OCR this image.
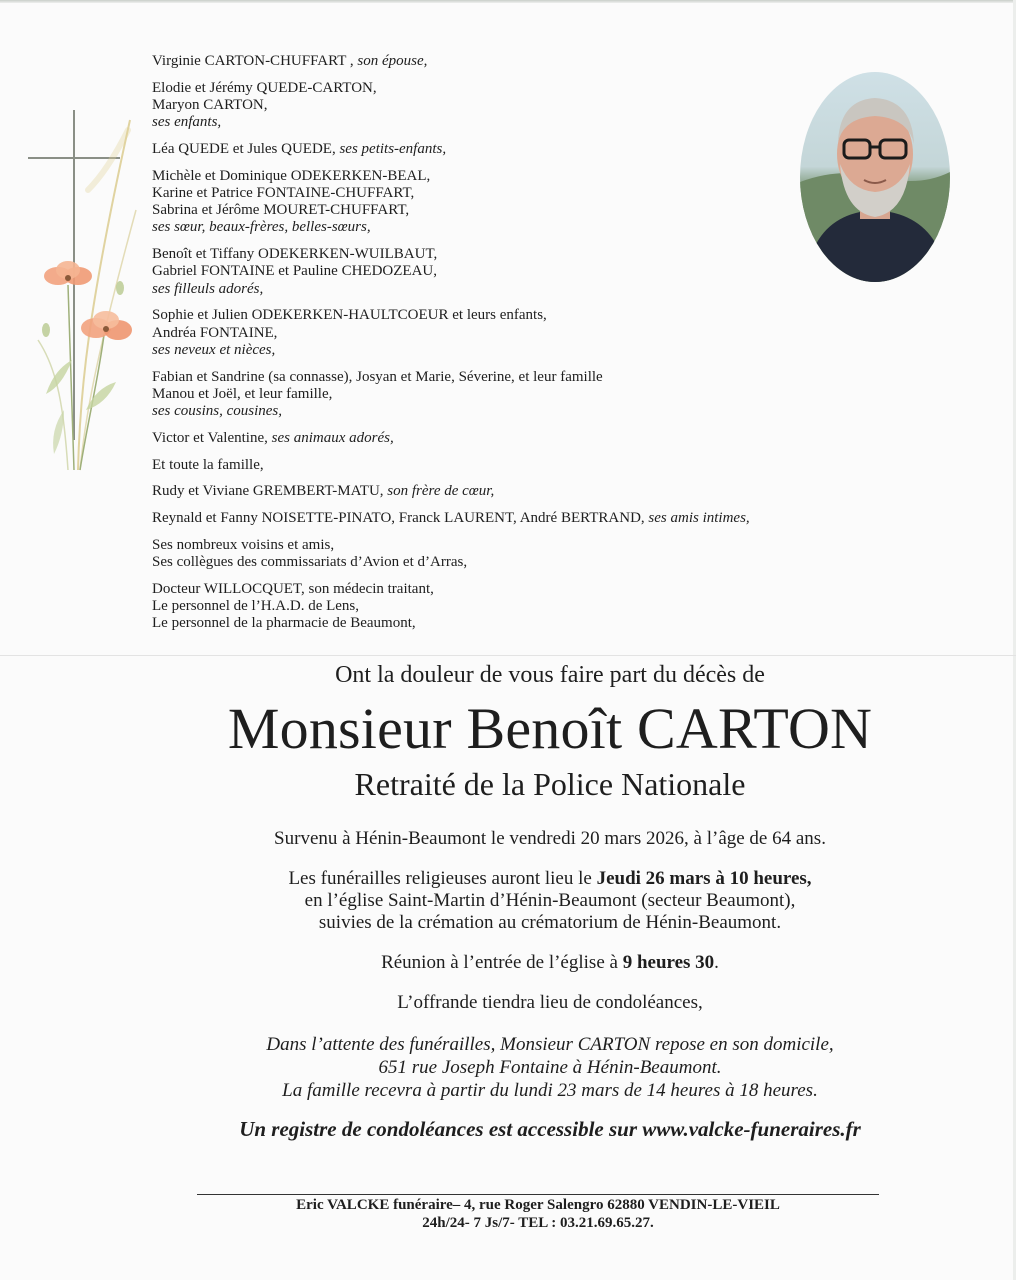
Virginie CARTON-CHUFFART , son épouse,
Elodie et Jérémy QUEDE-CARTON,
Maryon CARTON,
ses enfants,
Léa QUEDE et Jules QUEDE, ses petits-enfants,
Michèle et Dominique ODEKERKEN-BEAL,
Karine et Patrice FONTAINE-CHUFFART,
Sabrina et Jérôme MOURET-CHUFFART,
ses sœur, beaux-frères, belles-sœurs,
Benoît et Tiffany ODEKERKEN-WUILBAUT,
Gabriel FONTAINE et Pauline CHEDOZEAU,
ses filleuls adorés,
Sophie et Julien ODEKERKEN-HAULTCOEUR et leurs enfants,
Andréa FONTAINE,
ses neveux et nièces,
Fabian et Sandrine (sa connasse), Josyan et Marie, Séverine, et leur famille
Manou et Joël, et leur famille,
ses cousins, cousines,
Victor et Valentine, ses animaux adorés,
Et toute la famille,
Rudy et Viviane GREMBERT-MATU, son frère de cœur,
Reynald et Fanny NOISETTE-PINATO, Franck LAURENT, André BERTRAND, ses amis intimes,
Ses nombreux voisins et amis,
Ses collègues des commissariats d’Avion et d’Arras,
Docteur WILLOCQUET, son médecin traitant,
Le personnel de l’H.A.D. de Lens,
Le personnel de la pharmacie de Beaumont,

Ont la douleur de vous faire part du décès de

Monsieur Benoît CARTON

Retraité de la Police Nationale

Survenu à Hénin-Beaumont le vendredi 20 mars 2026, à l’âge de 64 ans.

Les funérailles religieuses auront lieu le Jeudi 26 mars à 10 heures,
en l’église Saint-Martin d’Hénin-Beaumont (secteur Beaumont),
suivies de la crémation au crématorium de Hénin-Beaumont.

Réunion à l’entrée de l’église à 9 heures 30.

L’offrande tiendra lieu de condoléances,

Dans l’attente des funérailles, Monsieur CARTON repose en son domicile,
651 rue Joseph Fontaine à Hénin-Beaumont.
La famille recevra à partir du lundi 23 mars de 14 heures à 18 heures.

Un registre de condoléances est accessible sur www.valcke-funeraires.fr

Eric VALCKE funéraire– 4, rue Roger Salengro 62880 VENDIN-LE-VIEIL
24h/24- 7 Js/7- TEL : 03.21.69.65.27.
